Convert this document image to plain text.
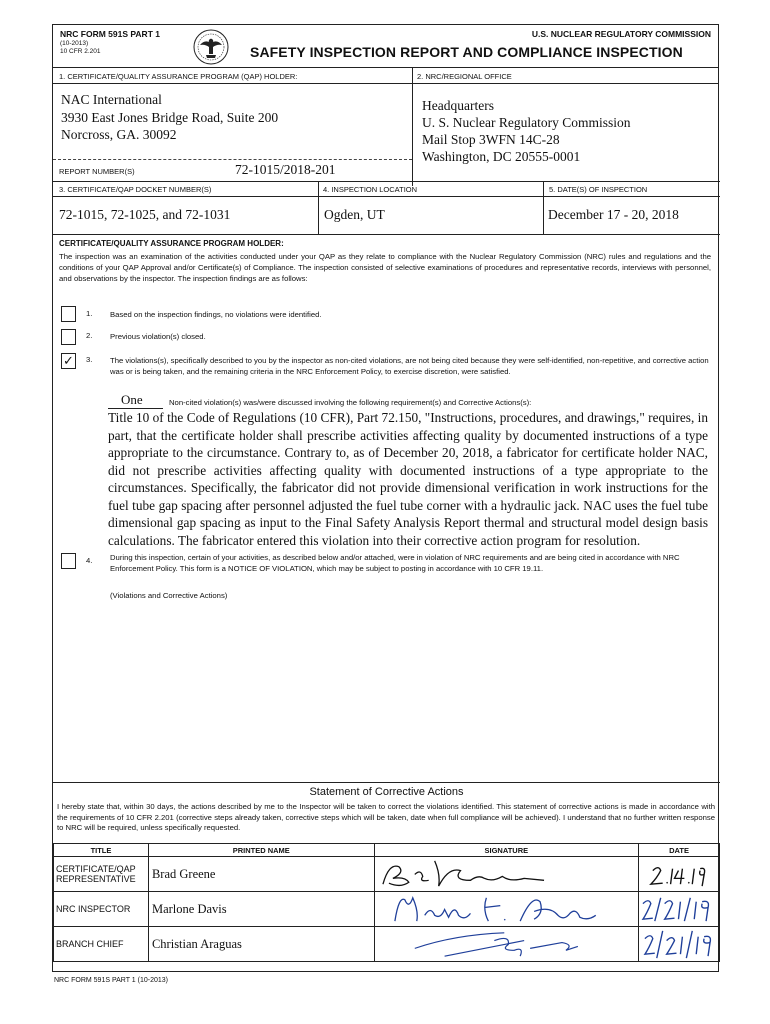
NRC FORM 591S PART 1
(10-2013)
10 CFR 2.201
U.S. NUCLEAR REGULATORY COMMISSION
SAFETY INSPECTION REPORT AND COMPLIANCE INSPECTION
1. CERTIFICATE/QUALITY ASSURANCE PROGRAM (QAP) HOLDER:	2. NRC/REGIONAL OFFICE
NAC International
3930 East Jones Bridge Road, Suite 200
Norcross, GA. 30092
Headquarters
U. S. Nuclear Regulatory Commission
Mail Stop 3WFN 14C-28
Washington, DC 20555-0001
REPORT NUMBER(S)	72-1015/2018-201
3. CERTIFICATE/QAP DOCKET NUMBER(S)	4. INSPECTION LOCATION	5. DATE(S) OF INSPECTION
72-1015, 72-1025, and 72-1031	Ogden, UT	December 17 - 20, 2018
CERTIFICATE/QUALITY ASSURANCE PROGRAM HOLDER:
The inspection was an examination of the activities conducted under your QAP as they relate to compliance with the Nuclear Regulatory Commission (NRC) rules and regulations and the conditions of your QAP Approval and/or Certificate(s) of Compliance. The inspection consisted of selective examinations of procedures and representative records, interviews with personnel, and observations by the inspector. The inspection findings are as follows:
1. Based on the inspection findings, no violations were identified.
2. Previous violation(s) closed.
✓ 3. The violations(s), specifically described to you by the inspector as non-cited violations, are not being cited because they were self-identified, non-repetitive, and corrective action was or is being taken, and the remaining criteria in the NRC Enforcement Policy, to exercise discretion, were satisfied.
One	Non-cited violation(s) was/were discussed involving the following requirement(s) and Corrective Actions(s):
Title 10 of the Code of Regulations (10 CFR), Part 72.150, "Instructions, procedures, and drawings," requires, in part, that the certificate holder shall prescribe activities affecting quality by documented instructions of a type appropriate to the circumstance. Contrary to, as of December 20, 2018, a fabricator for certificate holder NAC, did not prescribe activities affecting quality with documented instructions of a type appropriate to the circumstances. Specifically, the fabricator did not provide dimensional verification in work instructions for the fuel tube gap spacing after personnel adjusted the fuel tube corner with a hydraulic jack. NAC uses the fuel tube dimensional gap spacing as input to the Final Safety Analysis Report thermal and structural model design basis calculations. The fabricator entered this violation into their corrective action program for resolution.
4. During this inspection, certain of your activities, as described below and/or attached, were in violation of NRC requirements and are being cited in accordance with NRC Enforcement Policy. This form is a NOTICE OF VIOLATION, which may be subject to posting in accordance with 10 CFR 19.11.
(Violations and Corrective Actions)
Statement of Corrective Actions
I hereby state that, within 30 days, the actions described by me to the Inspector will be taken to correct the violations identified. This statement of corrective actions is made in accordance with the requirements of 10 CFR 2.201 (corrective steps already taken, corrective steps which will be taken, date when full compliance will be achieved). I understand that no further written response to NRC will be required, unless specifically requested.
TITLE	PRINTED NAME	SIGNATURE	DATE
CERTIFICATE/QAP REPRESENTATIVE	Brad Greene	

NRC INSPECTOR	Marlone Davis	

BRANCH CHIEF	Christian Araguas	

NRC FORM 591S PART 1 (10-2013)
